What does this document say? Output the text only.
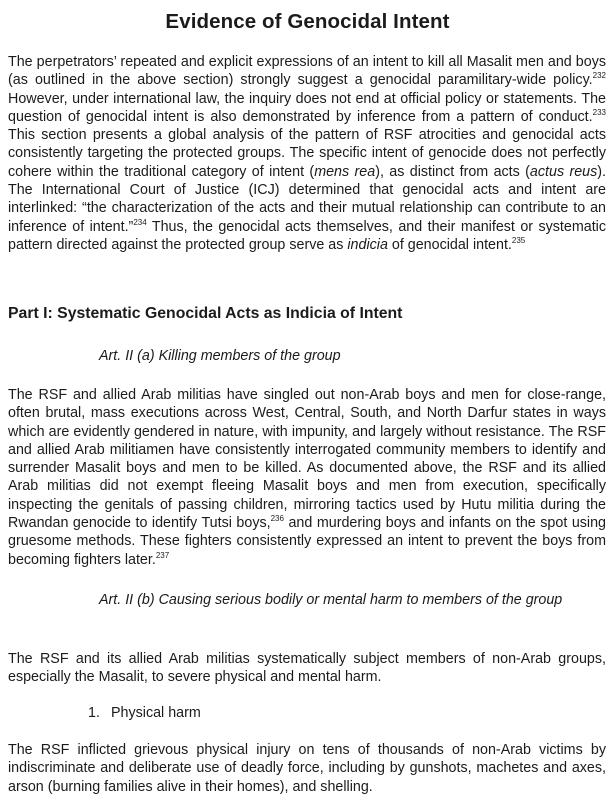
Evidence of Genocidal Intent

The perpetrators’ repeated and explicit expressions of an intent to kill all Masalit men and boys (as outlined in the above section) strongly suggest a genocidal paramilitary-wide policy.$^{232}$ However, under international law, the inquiry does not end at official policy or statements. The question of genocidal intent is also demonstrated by inference from a pattern of conduct.$^{233}$ This section presents a global analysis of the pattern of RSF atrocities and genocidal acts consistently targeting the protected groups. The specific intent of genocide does not perfectly cohere within the traditional category of intent (mens rea), as distinct from acts (actus reus). The International Court of Justice (ICJ) determined that genocidal acts and intent are interlinked: “the characterization of the acts and their mutual relationship can contribute to an inference of intent.”$^{234}$ Thus, the genocidal acts themselves, and their manifest or systematic pattern directed against the protected group serve as indicia of genocidal intent.$^{235}$

Part I: Systematic Genocidal Acts as Indicia of Intent

Art. II (a) Killing members of the group

The RSF and allied Arab militias have singled out non-Arab boys and men for close-range, often brutal, mass executions across West, Central, South, and North Darfur states in ways which are evidently gendered in nature, with impunity, and largely without resistance. The RSF and allied Arab militiamen have consistently interrogated community members to identify and surrender Masalit boys and men to be killed. As documented above, the RSF and its allied Arab militias did not exempt fleeing Masalit boys and men from execution, specifically inspecting the genitals of passing children, mirroring tactics used by Hutu militia during the Rwandan genocide to identify Tutsi boys,$^{236}$ and murdering boys and infants on the spot using gruesome methods. These fighters consistently expressed an intent to prevent the boys from becoming fighters later.$^{237}$

Art. II (b) Causing serious bodily or mental harm to members of the group

The RSF and its allied Arab militias systematically subject members of non-Arab groups, especially the Masalit, to severe physical and mental harm.

1. Physical harm

The RSF inflicted grievous physical injury on tens of thousands of non-Arab victims by indiscriminate and deliberate use of deadly force, including by gunshots, machetes and axes, arson (burning families alive in their homes), and shelling.
